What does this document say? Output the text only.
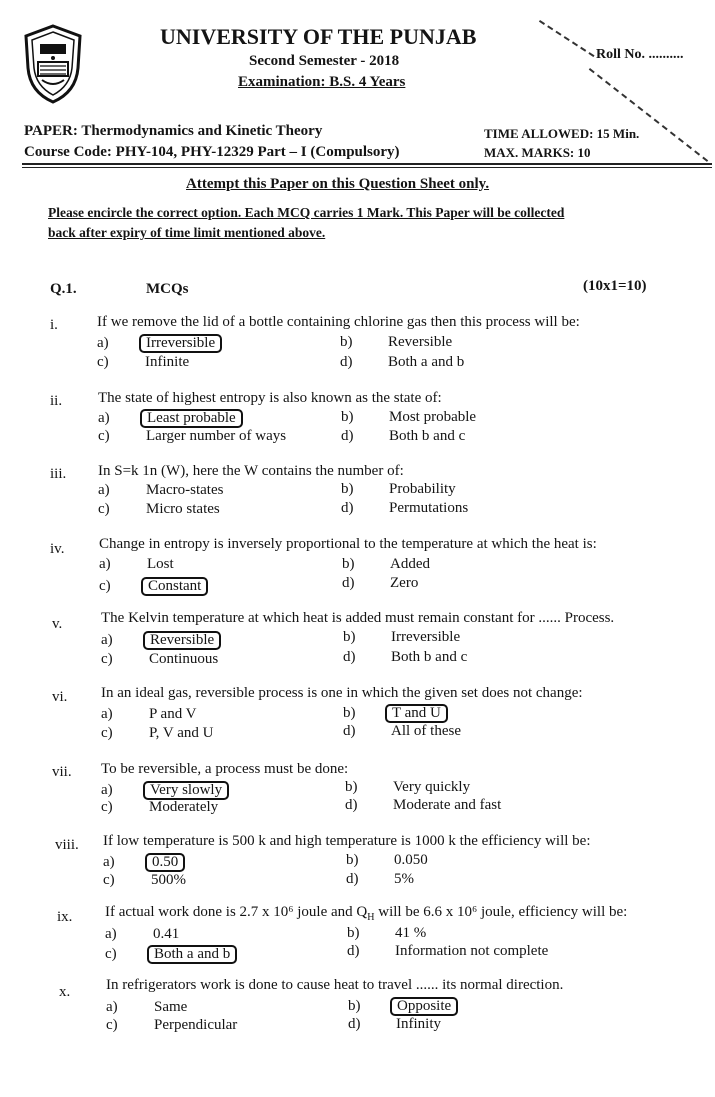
UNIVERSITY OF THE PUNJAB
Second Semester - 2018
Examination: B.S. 4 Years
Roll No. ..........
PAPER: Thermodynamics and Kinetic Theory
Course Code: PHY-104, PHY-12329 Part – I (Compulsory)
TIME ALLOWED: 15 Min.
MAX. MARKS: 10
Attempt this Paper on this Question Sheet only.
Please encircle the correct option. Each MCQ carries 1 Mark. This Paper will be collected
back after expiry of time limit mentioned above.
Q.1.	MCQs	(10x1=10)
i.	If we remove the lid of a bottle containing chlorine gas then this process will be:
a) Irreversible	b) Reversible
c) Infinite	d) Both a and b
ii. The state of highest entropy is also known as the state of:
a) Least probable	b) Most probable
c) Larger number of ways	d) Both b and c
iii. In S=k 1n (W), here the W contains the number of:
a) Macro-states	b) Probability
c) Micro states	d) Permutations
iv. Change in entropy is inversely proportional to the temperature at which the heat is:
a) Lost	b) Added
c) Constant	d) Zero
v.	The Kelvin temperature at which heat is added must remain constant for ...... Process.
a) Reversible	b) Irreversible
c) Continuous	d) Both b and c
vi. In an ideal gas, reversible process is one in which the given set does not change:
a) P and V	b) T and U
c) P, V and U	d) All of these
vii. To be reversible, a process must be done:
a) Very slowly	b) Very quickly
c) Moderately	d) Moderate and fast
viii. If low temperature is 500 k and high temperature is 1000 k the efficiency will be:
a) 0.50	b) 0.050
c) 500%	d) 5%
ix. If actual work done is 2.7 x 10⁶ joule and $Q_H$ will be 6.6 x 10⁶ joule, efficiency will be:
a) 0.41	b) 41 %
c) Both a and b	d) Information not complete
x. In refrigerators work is done to cause heat to travel ...... its normal direction.
a) Same	b) Opposite
c) Perpendicular	d) Infinity
